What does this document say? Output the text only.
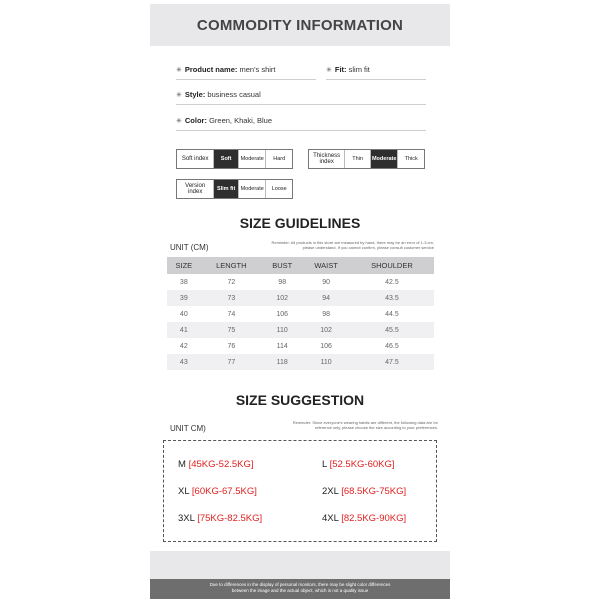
COMMODITY INFORMATION
✳ Product name: men's shirt	✳ Fit: slim fit
✳ Style: business casual
✳ Color: Green, Khaki, Blue
Soft index	Soft	Moderate	Hard	Thickness
index	Thin	Moderate	Thick
Version
index	Slim fit Moderate	Loose
SIZE GUIDELINES
UNIT (CM)
Reminder: All products in this store are measured by hand, there may be an error of 1-3 cm,
please understand. If you cannot confirm, please consult customer service
SIZE	LENGTH	BUST	WAIST	SHOULDER
38	72	98	90	42.5
39	73	102	94	43.5
40	74	106	98	44.5
41	75	110	102	45.5
42	76	114	106	46.5
43	77	118	110	47.5
SIZE SUGGESTION
UNIT CM)
Reminder: Since everyone's wearing habits are different, the following data are for
reference only, please choose the size according to your preferences.
M [45KG-52.5KG]	L [52.5KG-60KG]
XL [60KG-67.5KG]	2XL [68.5KG-75KG]
3XL [75KG-82.5KG]	4XL [82.5KG-90KG]
Due to differences in the display of personal monitors, there may be slight color differences
between the image and the actual object, which is not a quality issue
